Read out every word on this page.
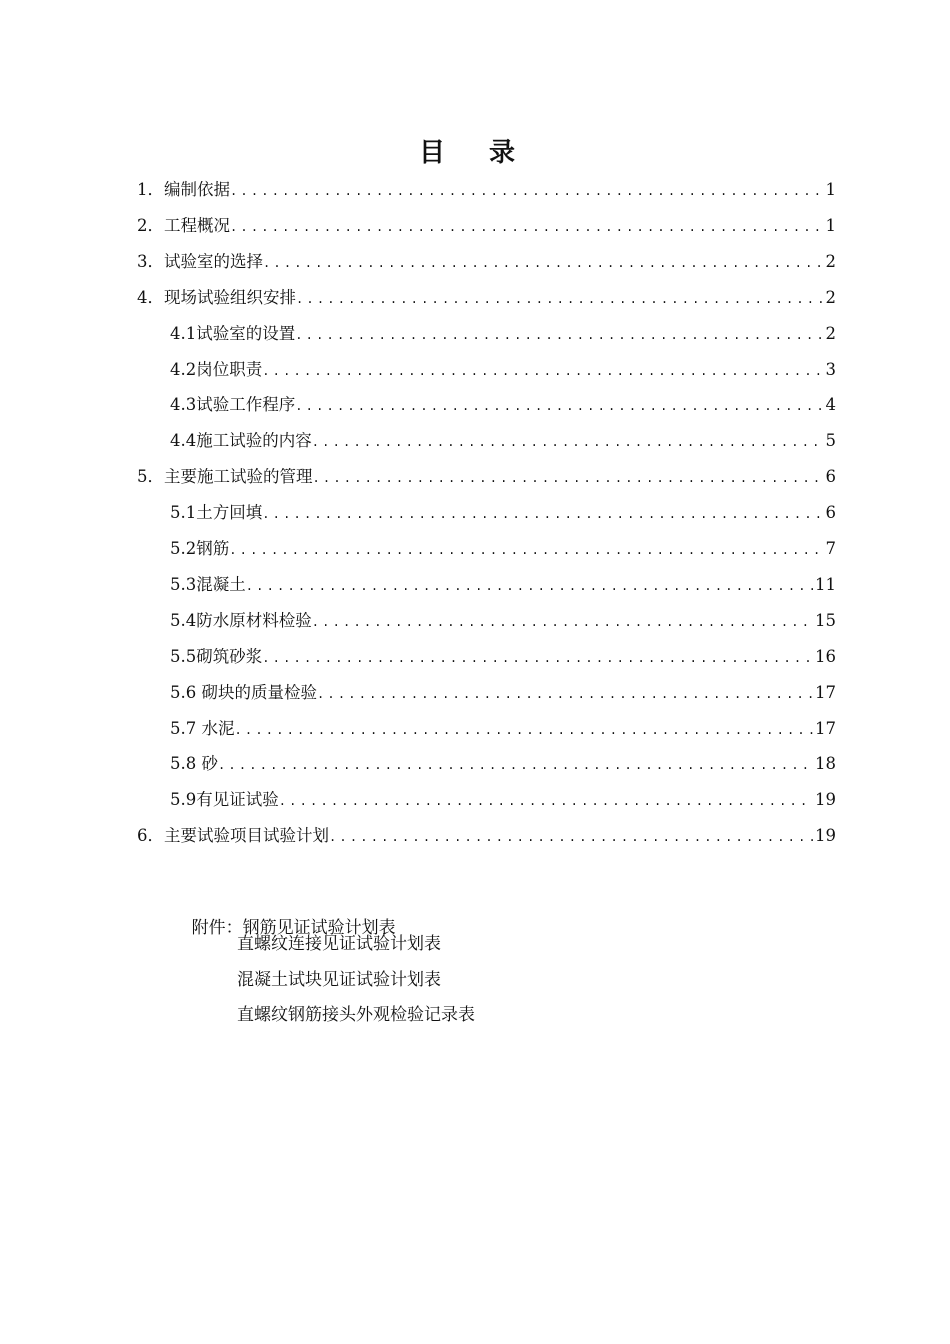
目录
1． 编制依据 .....	1
2． 工程概况 .....	1
3． 试验室的选择 .....	2
4． 现场试验组织安排 .....	2
4.1 试验室的设置 .....	2
4.2 岗位职责 .....	3
4.3 试验工作程序 .....	4
4.4 施工试验的内容 .....	5
5． 主要施工试验的管理 .....	6
5.1 土方回填 .....	6
5.2 钢筋 .....	7
5.3 混凝土 .....	11
5.4 防水原材料检验 .....	15
5.5 砌筑砂浆 .....	16
5.6 砌块的质量检验 .....	17
5.7 水泥 .....	17
5.8 砂 .....	18
5.9 有见证试验 .....	19
6． 主要试验项目试验计划 .....	19

附件：钢筋见证试验计划表

直螺纹连接见证试验计划表
混凝土试块见证试验计划表
直螺纹钢筋接头外观检验记录表
